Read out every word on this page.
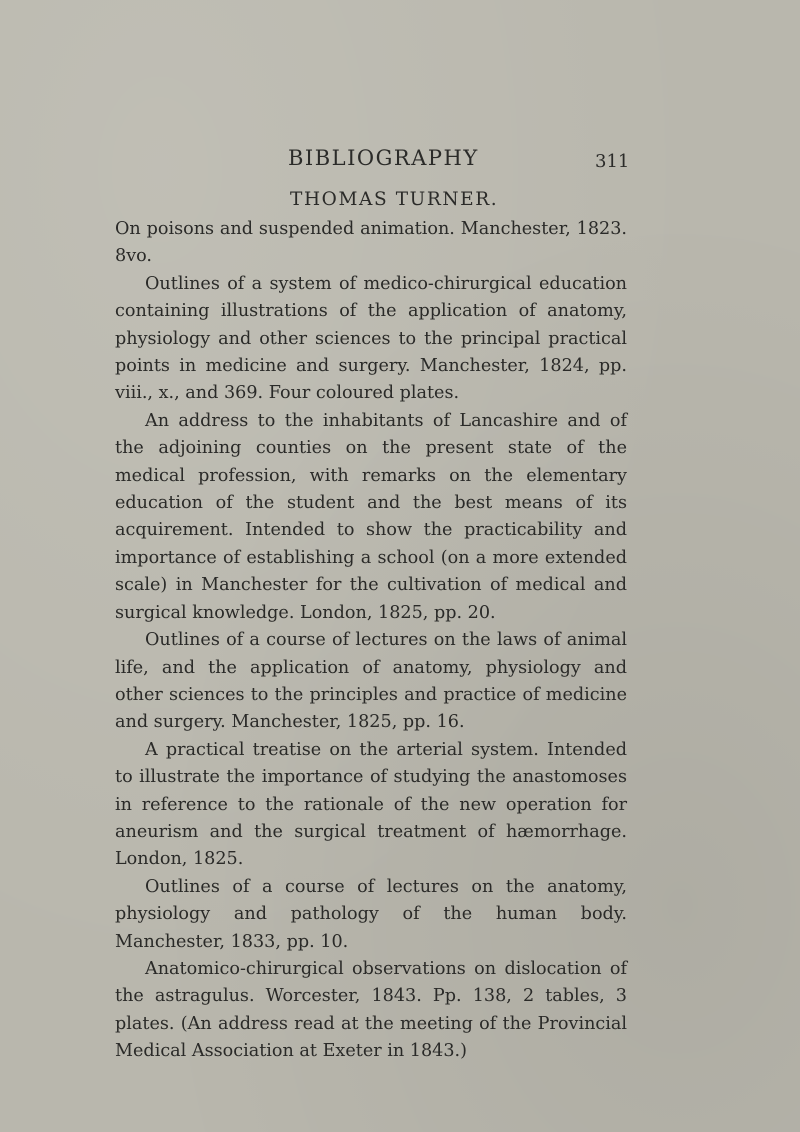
BIBLIOGRAPHY	311
THOMAS TURNER.

On poisons and suspended animation. Manchester, 1823. 8vo.

Outlines of a system of medico-chirurgical education containing illustrations of the application of anatomy, physiology and other sciences to the principal practical points in medicine and surgery. Manchester, 1824, pp. viii., x., and 369. Four coloured plates.

An address to the inhabitants of Lancashire and of the adjoining counties on the present state of the medical profession, with remarks on the elementary education of the student and the best means of its acquirement. Intended to show the practicability and importance of establishing a school (on a more extended scale) in Manchester for the cultivation of medical and surgical knowledge. London, 1825, pp. 20.

Outlines of a course of lectures on the laws of animal life, and the application of anatomy, physiology and other sciences to the principles and practice of medicine and surgery. Manchester, 1825, pp. 16.

A practical treatise on the arterial system. Intended to illustrate the importance of studying the anastomoses in reference to the rationale of the new operation for aneurism and the surgical treatment of hæmorrhage. London, 1825.

Outlines of a course of lectures on the anatomy, physiology and pathology of the human body. Manchester, 1833, pp. 10.

Anatomico-chirurgical observations on dislocation of the astragulus. Worcester, 1843. Pp. 138, 2 tables, 3 plates. (An address read at the meeting of the Provincial Medical Association at Exeter in 1843.)
